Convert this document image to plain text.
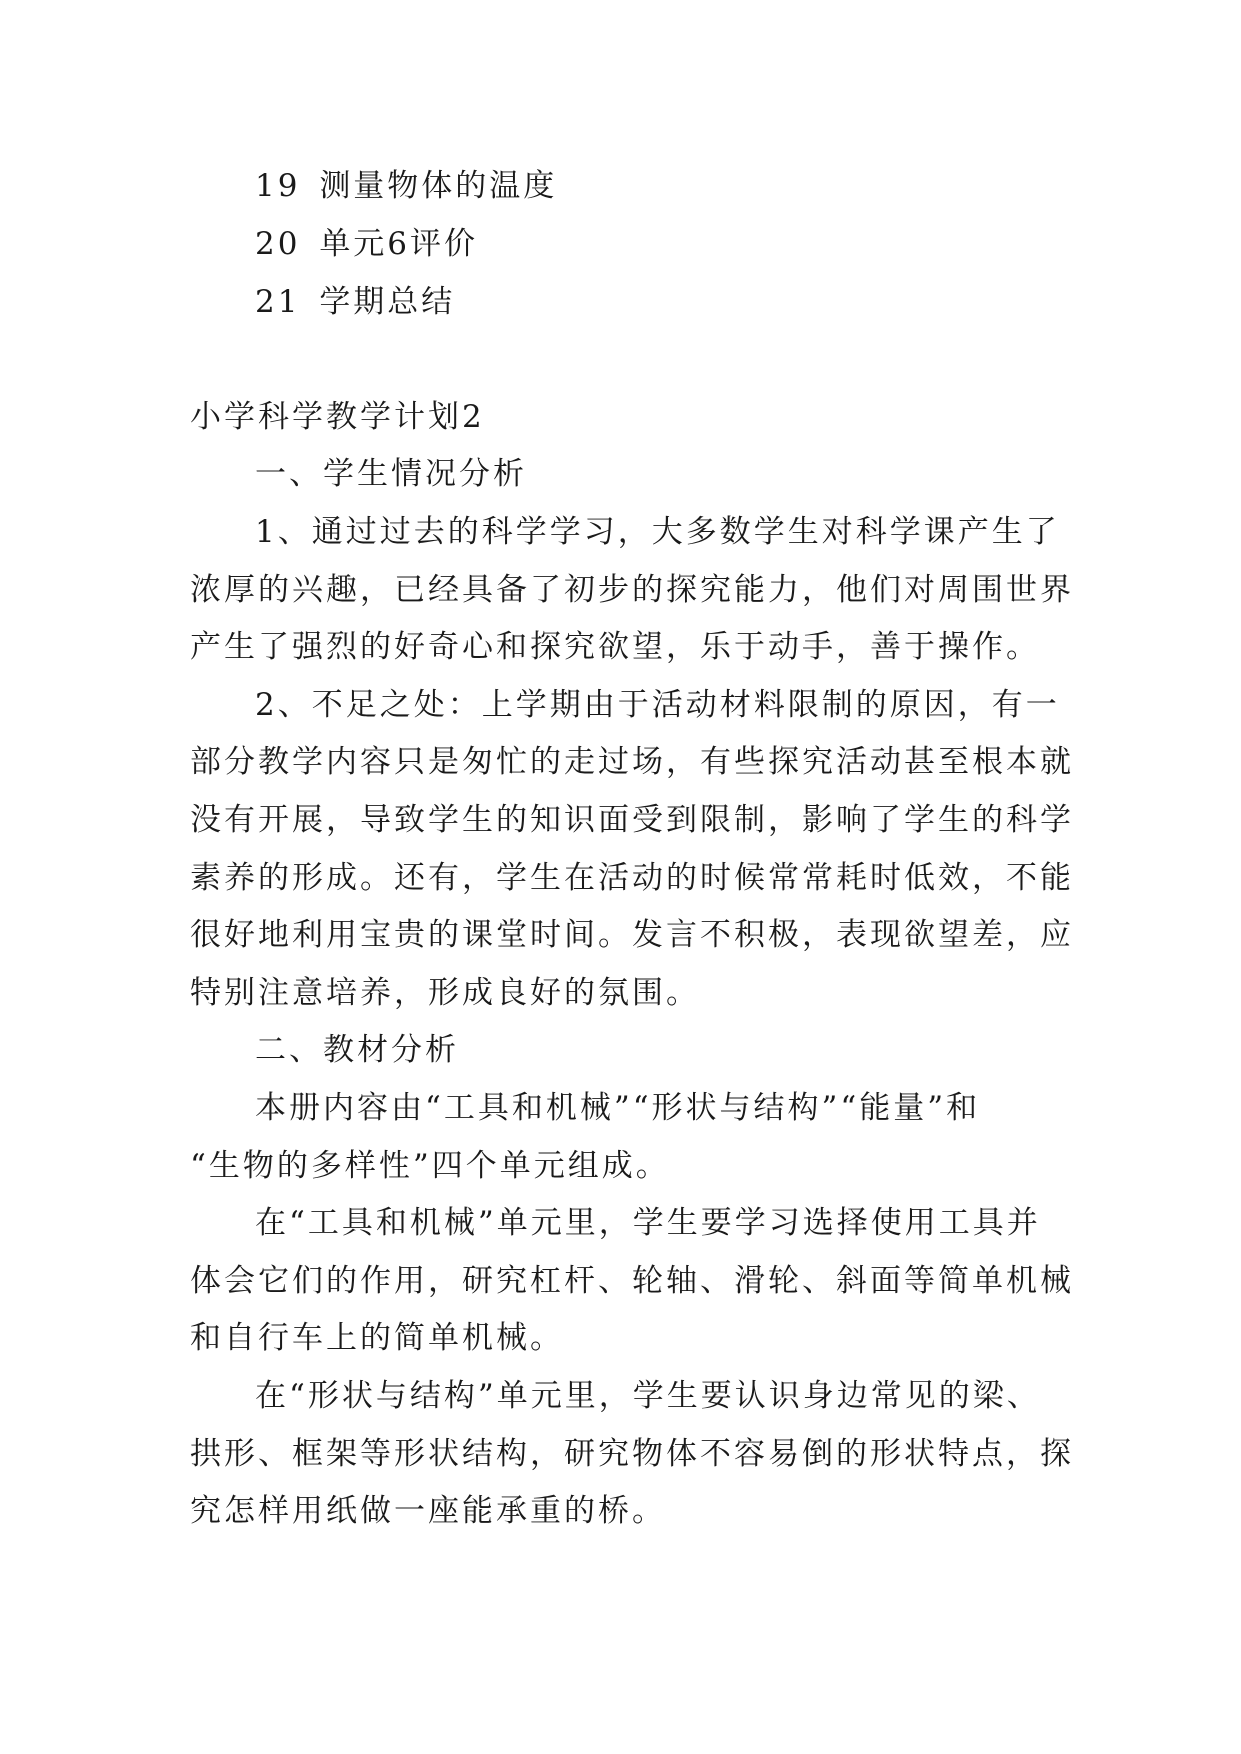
19 测量物体的温度
20 单元6评价
21 学期总结
小学科学教学计划2
一、学生情况分析
1、通过过去的科学学习，大多数学生对科学课产生了
浓厚的兴趣，已经具备了初步的探究能力，他们对周围世界
产生了强烈的好奇心和探究欲望，乐于动手，善于操作。
2、不足之处：上学期由于活动材料限制的原因，有一
部分教学内容只是匆忙的走过场，有些探究活动甚至根本就
没有开展，导致学生的知识面受到限制，影响了学生的科学
素养的形成。还有，学生在活动的时候常常耗时低效，不能
很好地利用宝贵的课堂时间。发言不积极，表现欲望差，应
特别注意培养，形成良好的氛围。
二、教材分析
本册内容由“工具和机械”“形状与结构”“能量”和
“生物的多样性”四个单元组成。
在“工具和机械”单元里，学生要学习选择使用工具并
体会它们的作用，研究杠杆、轮轴、滑轮、斜面等简单机械
和自行车上的简单机械。
在“形状与结构”单元里，学生要认识身边常见的梁、
拱形、框架等形状结构，研究物体不容易倒的形状特点，探
究怎样用纸做一座能承重的桥。
